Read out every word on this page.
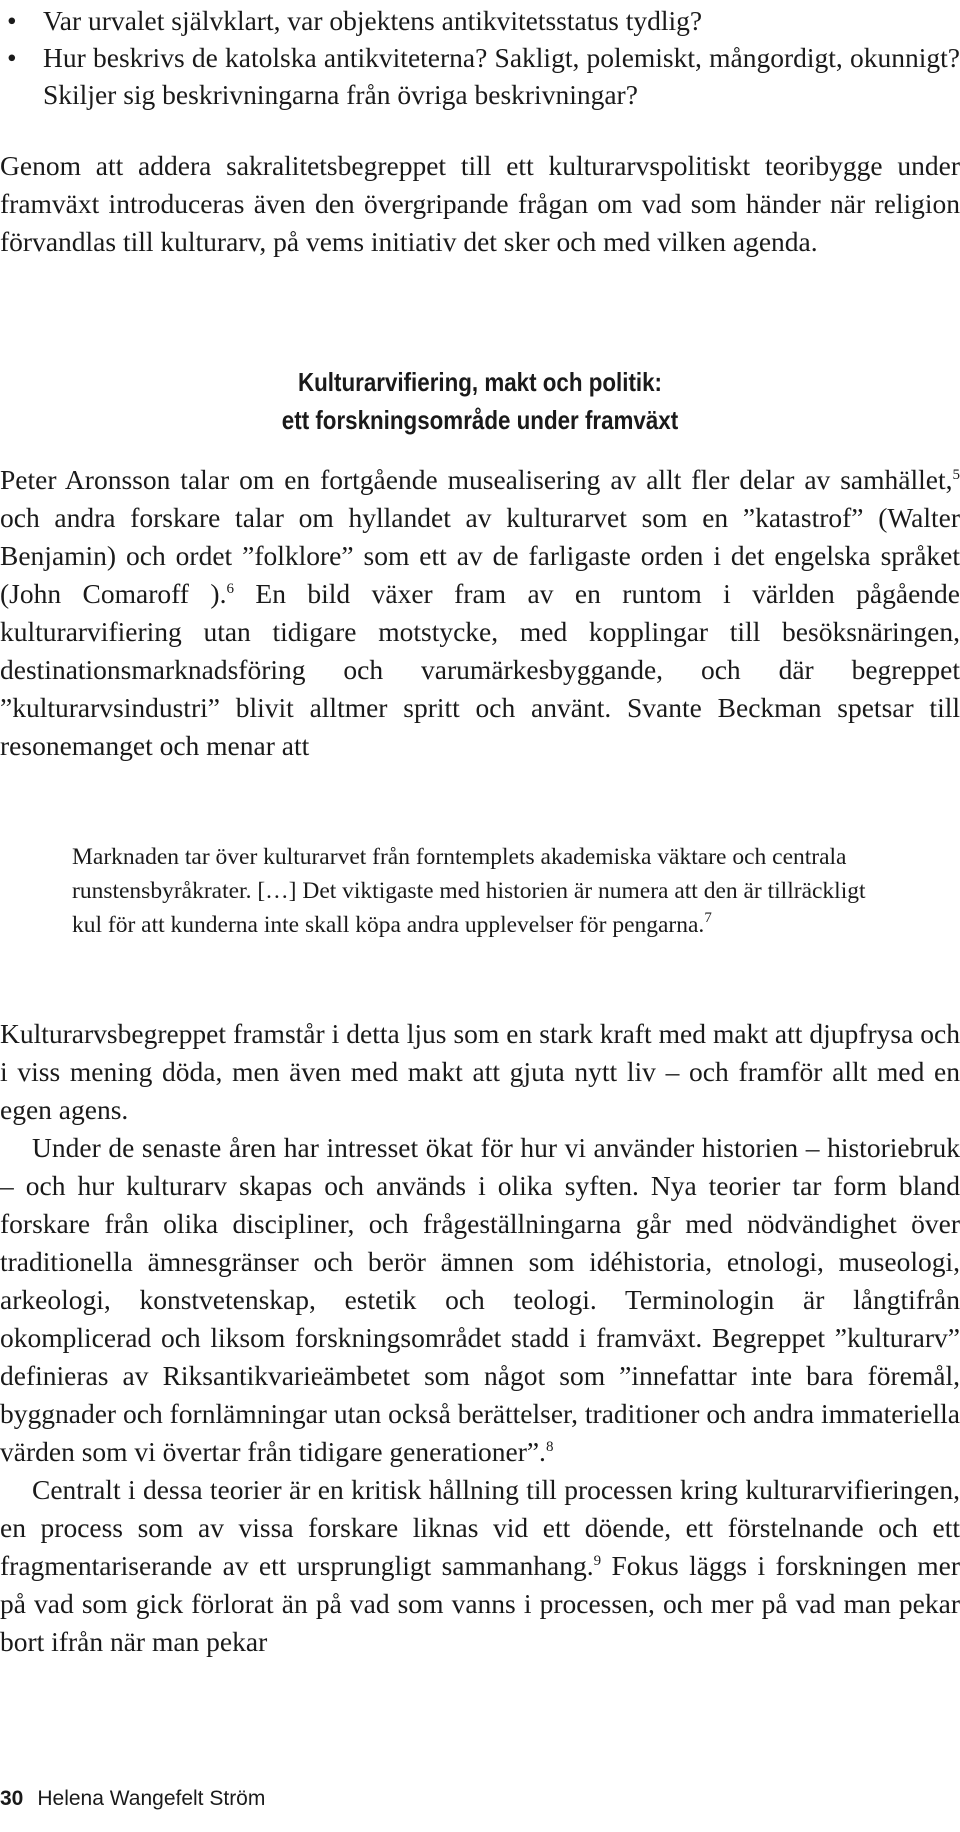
• Var urvalet självklart, var objektens antikvitetsstatus tydlig?
• Hur beskrivs de katolska antikviteterna? Sakligt, polemiskt, mångordigt, okunnigt? Skiljer sig beskrivningarna från övriga beskrivningar?

Genom att addera sakralitetsbegreppet till ett kulturarvspolitiskt teoribygge under framväxt introduceras även den övergripande frågan om vad som händer när religion förvandlas till kulturarv, på vems initiativ det sker och med vilken agenda.

Kulturarvifiering, makt och politik:
ett forskningsområde under framväxt

Peter Aronsson talar om en fortgående musealisering av allt fler delar av samhället,$^5$ och andra forskare talar om hyllandet av kulturarvet som en ”katastrof” (Walter Benjamin) och ordet ”folklore” som ett av de farligaste orden i det engelska språket (John Comaroff ).$^6$ En bild växer fram av en runtom i världen pågående kulturarvifiering utan tidigare motstycke, med kopplingar till besöksnäringen, destinationsmarknadsföring och varumärkesbyggande, och där begreppet ”kulturarvsindustri” blivit alltmer spritt och använt. Svante Beckman spetsar till resonemanget och menar att

Marknaden tar över kulturarvet från forntemplets akademiska väktare och centrala runstensbyråkrater. […] Det viktigaste med historien är numera att den är tillräckligt kul för att kunderna inte skall köpa andra upplevelser för pengarna.$^7$

Kulturarvsbegreppet framstår i detta ljus som en stark kraft med makt att djupfrysa och i viss mening döda, men även med makt att gjuta nytt liv – och framför allt med en egen agens.

Under de senaste åren har intresset ökat för hur vi använder historien – historiebruk – och hur kulturarv skapas och används i olika syften. Nya teorier tar form bland forskare från olika discipliner, och frågeställningarna går med nödvändighet över traditionella ämnesgränser och berör ämnen som idéhistoria, etnologi, museologi, arkeologi, konstvetenskap, estetik och teologi. Terminologin är långtifrån okomplicerad och liksom forskningsområdet stadd i framväxt. Begreppet ”kulturarv” definieras av Riksantikvarieämbetet som något som ”innefattar inte bara föremål, byggnader och fornlämningar utan också berättelser, traditioner och andra immateriella värden som vi övertar från tidigare generationer”.$^8$

Centralt i dessa teorier är en kritisk hållning till processen kring kulturarvifieringen, en process som av vissa forskare liknas vid ett döende, ett förstelnande och ett fragmentariserande av ett ursprungligt sammanhang.$^9$ Fokus läggs i forskningen mer på vad som gick förlorat än på vad som vanns i processen, och mer på vad man pekar bort ifrån när man pekar

30 Helena Wangefelt Ström
